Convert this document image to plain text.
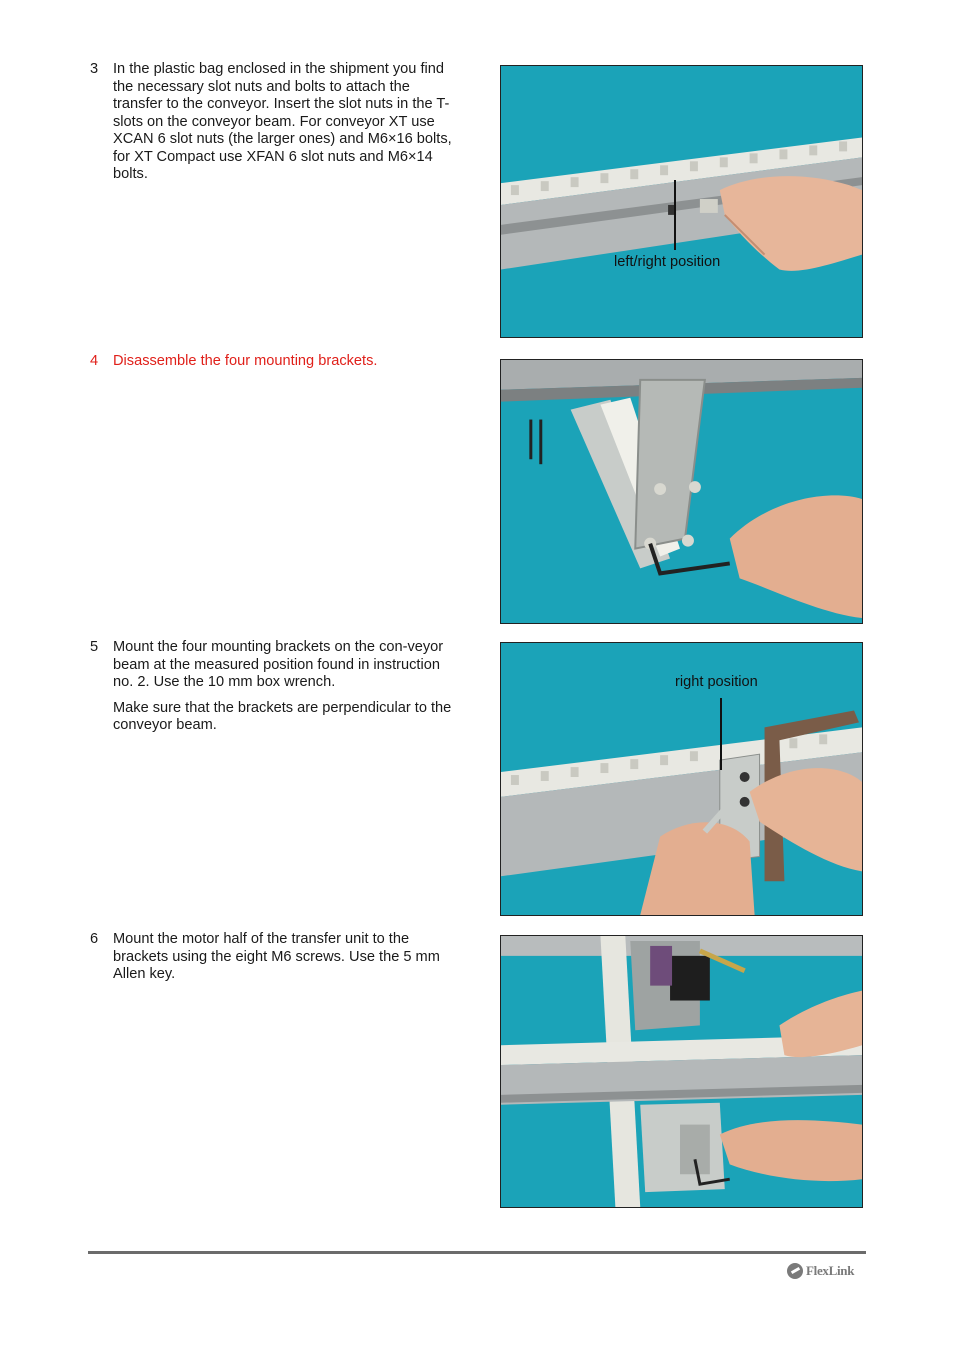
3 In the plastic bag enclosed in the shipment you find the necessary slot nuts and bolts to attach the transfer to the conveyor. Insert the slot nuts in the T-slots on the conveyor beam. For conveyor XT use XCAN 6 slot nuts (the larger ones) and M6×16 bolts, for XT Compact use XFAN 6 slot nuts and M6×14 bolts.

4 Disassemble the four mounting brackets.

5 Mount the four mounting brackets on the con-veyor beam at the measured position found in instruction no. 2. Use the 10 mm box wrench.

Make sure that the brackets are perpendicular to the conveyor beam.

6 Mount the motor half of the transfer unit to the brackets using the eight M6 screws. Use the 5 mm Allen key.

left/right position
right position
FlexLink
